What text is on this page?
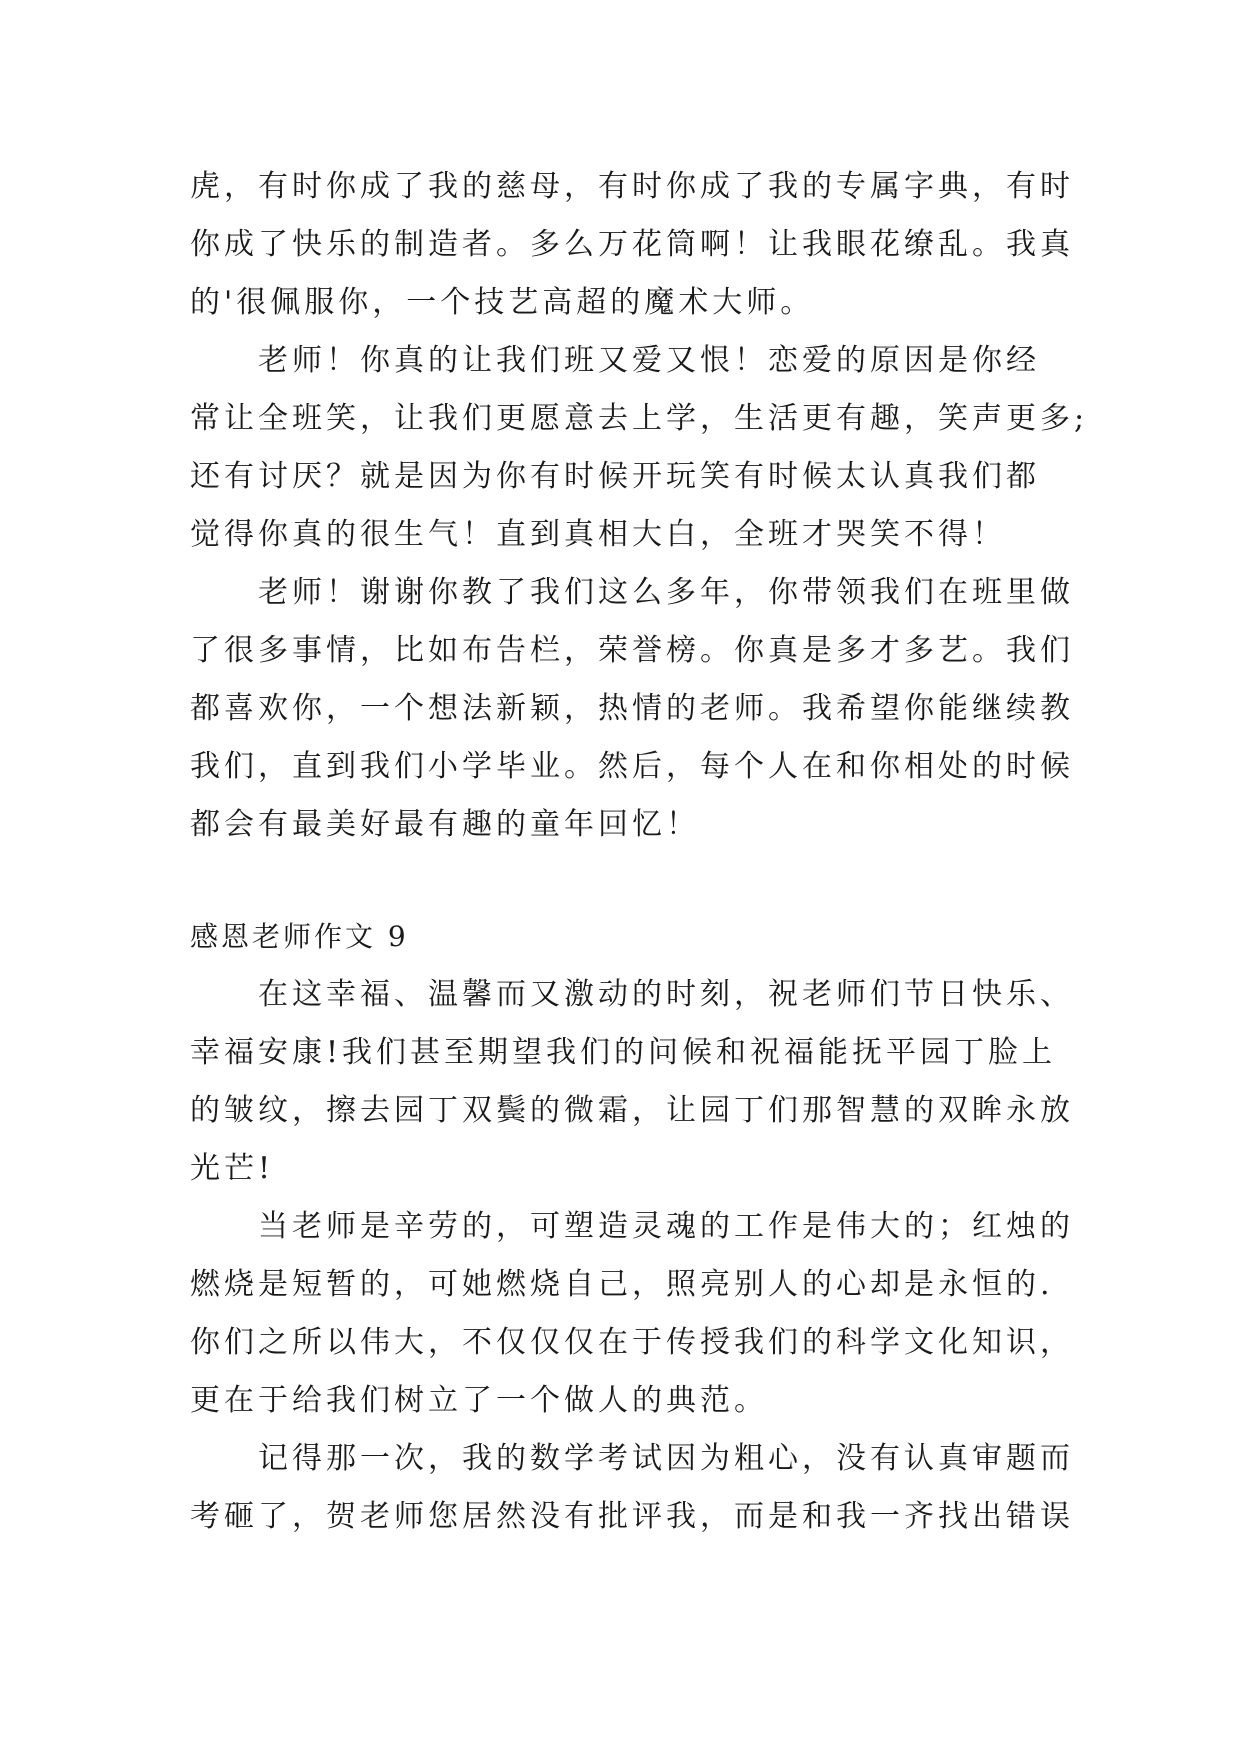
虎，有时你成了我的慈母，有时你成了我的专属字典，有时
你成了快乐的制造者。多么万花筒啊！让我眼花缭乱。我真
的'很佩服你，一个技艺高超的魔术大师。
老师！你真的让我们班又爱又恨！恋爱的原因是你经
常让全班笑，让我们更愿意去上学，生活更有趣，笑声更多;
还有讨厌？就是因为你有时候开玩笑有时候太认真我们都
觉得你真的很生气！直到真相大白，全班才哭笑不得！
老师！谢谢你教了我们这么多年，你带领我们在班里做
了很多事情，比如布告栏，荣誉榜。你真是多才多艺。我们
都喜欢你，一个想法新颖，热情的老师。我希望你能继续教
我们，直到我们小学毕业。然后，每个人在和你相处的时候
都会有最美好最有趣的童年回忆！
感恩老师作文 9
在这幸福、温馨而又激动的时刻，祝老师们节日快乐、
幸福安康!我们甚至期望我们的问候和祝福能抚平园丁脸上
的皱纹，擦去园丁双鬓的微霜，让园丁们那智慧的双眸永放
光芒!
当老师是辛劳的，可塑造灵魂的工作是伟大的；红烛的
燃烧是短暂的，可她燃烧自己，照亮别人的心却是永恒的.
你们之所以伟大，不仅仅仅在于传授我们的科学文化知识，
更在于给我们树立了一个做人的典范。
记得那一次，我的数学考试因为粗心，没有认真审题而
考砸了，贺老师您居然没有批评我，而是和我一齐找出错误
